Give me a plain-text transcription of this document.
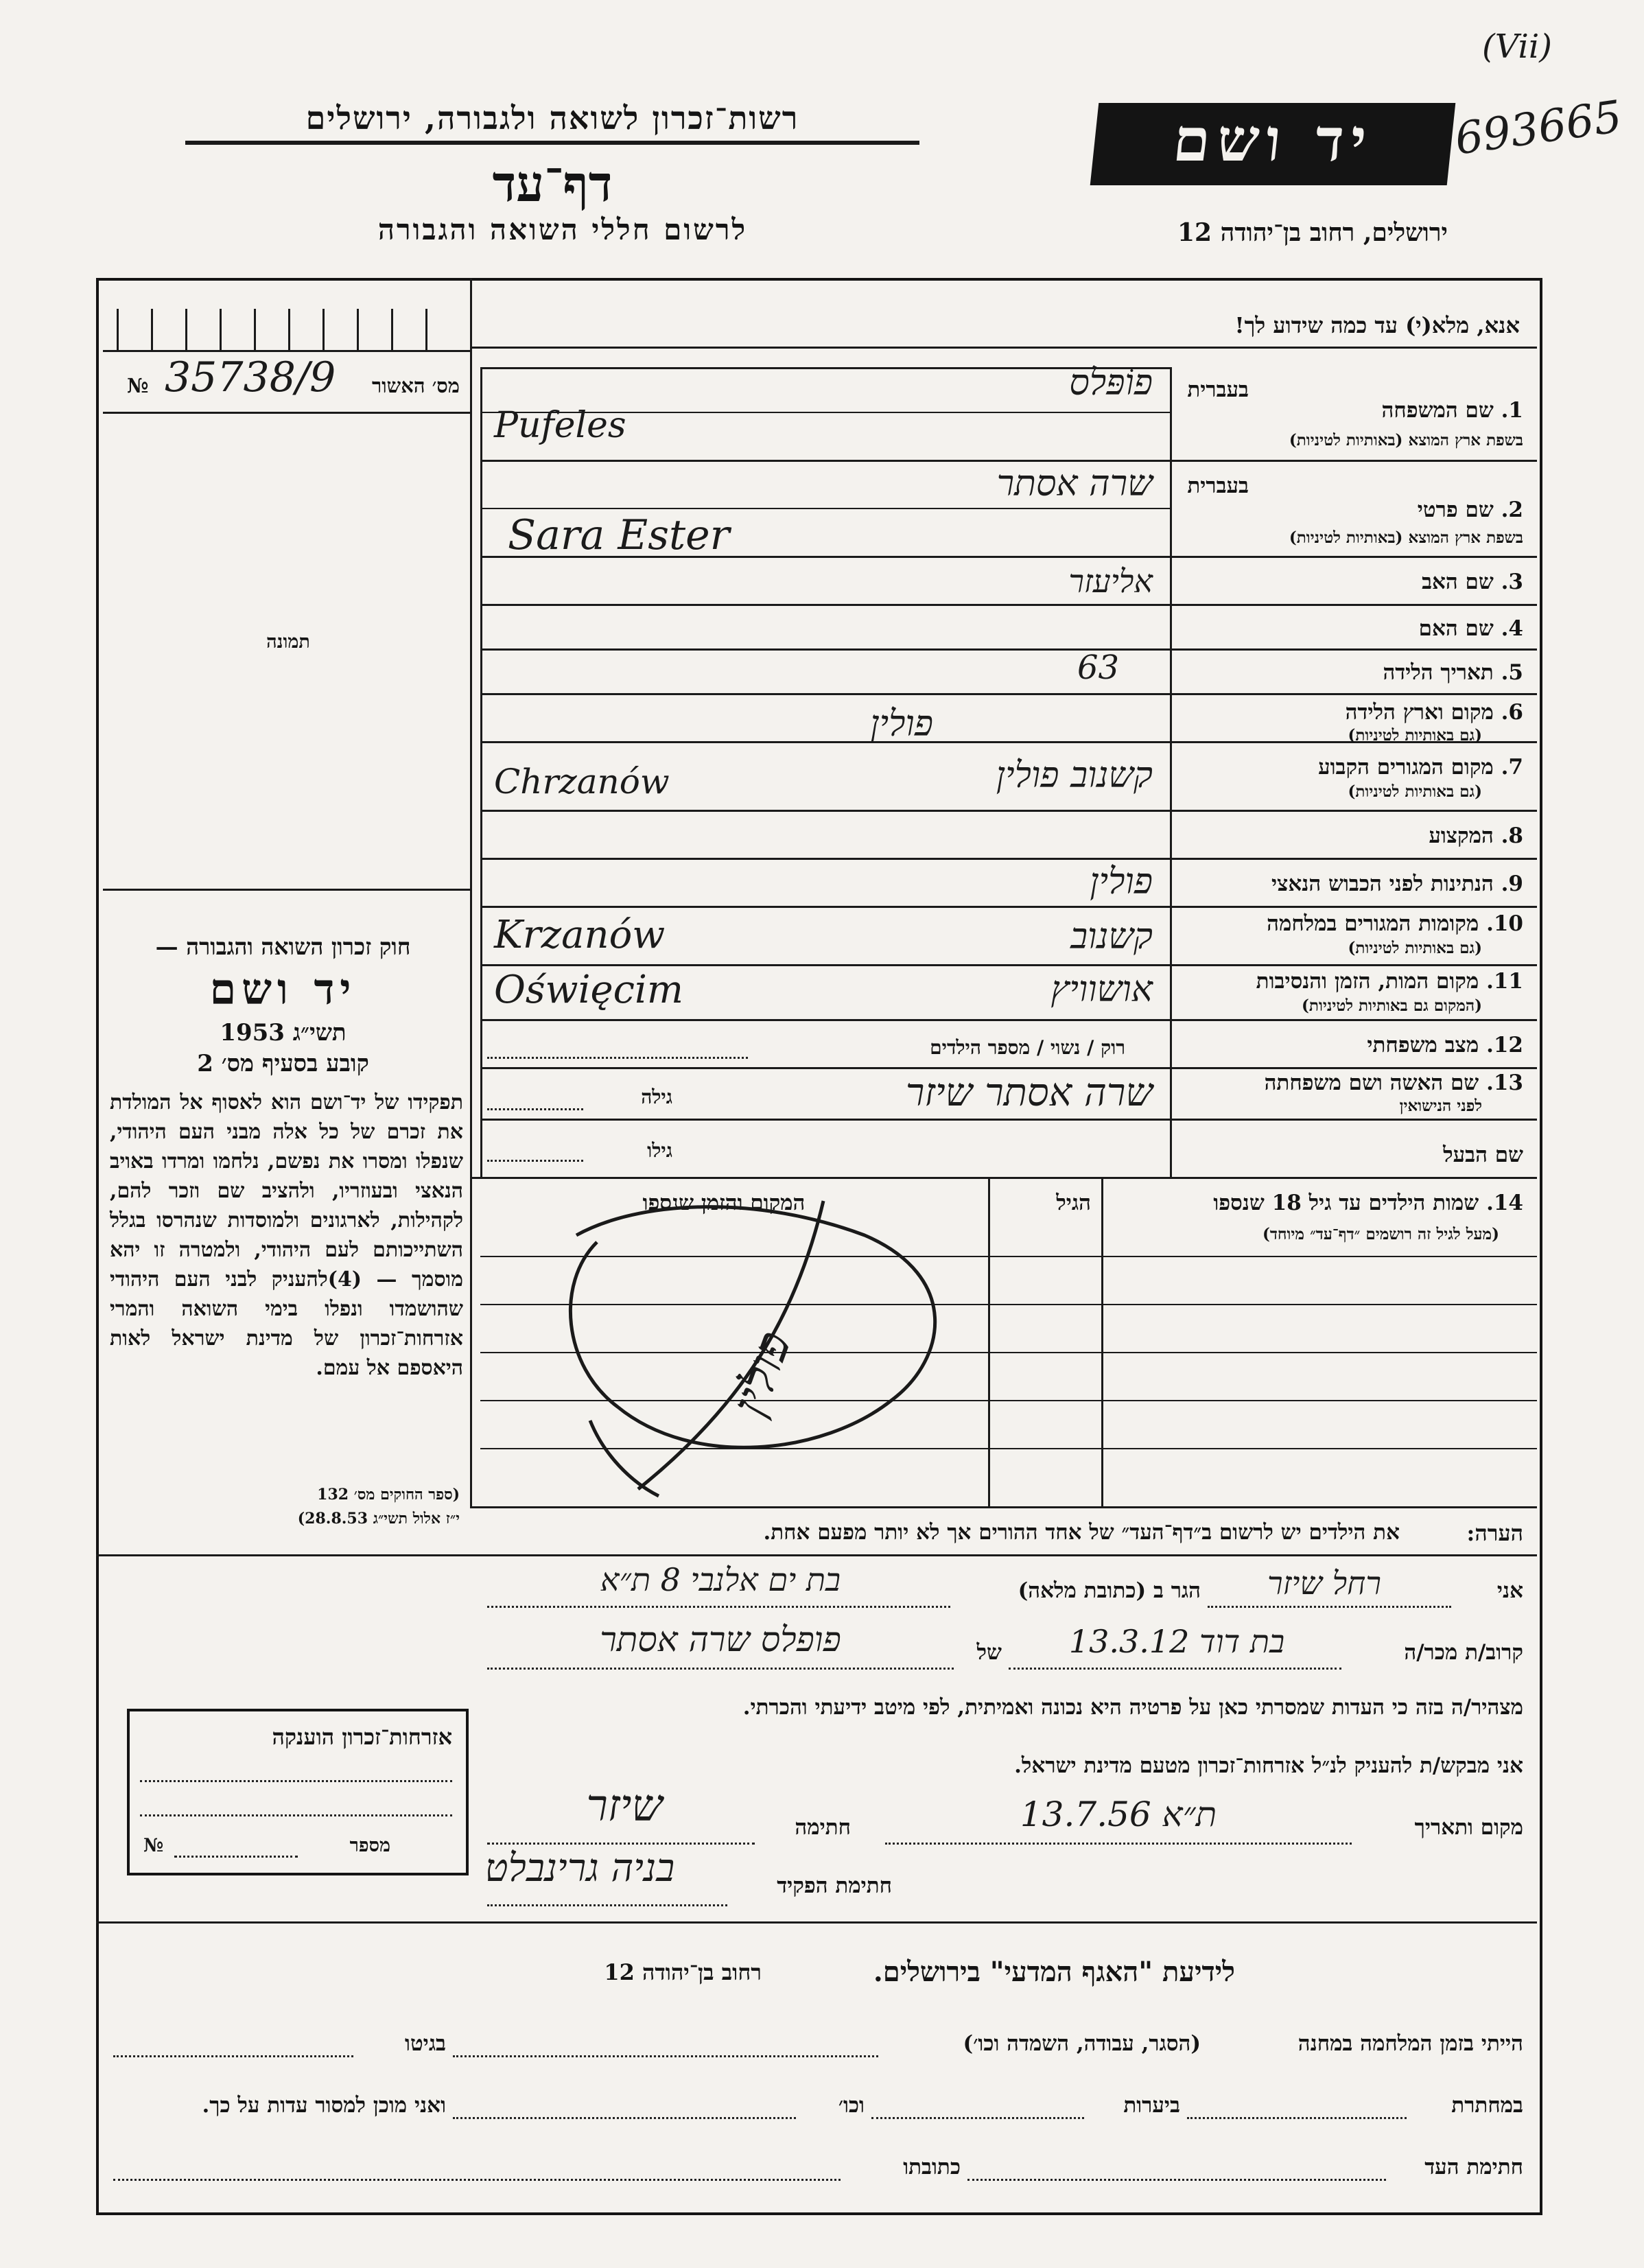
רשות־זכרון לשואה ולגבורה, ירושלים
דף־עד
לרשום חללי השואה והגבורה
יד ושם
(Vii)
693665
ירושלים, רחוב בן־יהודה 12
מס׳ האשור
№ 35738/9
תמונה
חוק זכרון השואה והגבורה —
יד ושם
תשי״ג 1953
קובע בסעיף מס׳ 2
תפקידו של יד־ושם הוא לאסוף אל המולדת את זכרם של כל אלה מבני העם היהודי, שנפלו ומסרו את נפשם, נלחמו ומרדו באויב הנאצי ובעוזריו, ולהציב שם וזכר להם, לקהילות, לארגונים ולמוסדות שנהרסו בגלל השתייכותם לעם היהודי, ולמטרה זו יהא מוסמך — (4)להעניק לבני העם היהודי שהושמדו ונפלו בימי השואה והמרי אזרחות־זכרון של מדינת ישראל לאות היאספם אל עמם.
(ספר החוקים מס׳ 132
י״ז אלול תשי״ג 28.8.53)
אזרחות־זכרון הוענקה
מספר
№
אנא, מלא(י) עד כמה שידוע לך!
בעברית
1. שם המשפחה
בשפת ארץ המוצא (באותיות לטיניות)
פוֹפּלס
Pufeles
בעברית
2. שם פרטי
בשפת ארץ המוצא (באותיות לטיניות)
שרה אסתר
Sara Ester
3. שם האב
אליעזר
4. שם האם
5. תאריך הלידה
63
6. מקום וארץ הלידה
(גם באותיות לטיניות)
פולין
7. מקום המגורים הקבוע
(גם באותיות לטיניות)
קשנוב פולין
Chrzanów
8. המקצוע
9. הנתינות לפני הכבוש הנאצי
פולין
10. מקומות המגורים במלחמה
(גם באותיות לטיניות)
קשנוב
Krzanów
11. מקום המות, הזמן והנסיבות
(המקום גם באותיות לטיניות)
אושוויץ
Oświęcim
12. מצב משפחתי
רוק / נשוי / מספר הילדים
13. שם האשה ושם משפחתה
לפני הנישואין
שרה אסתר שיזר
גילה
שם הבעל
גילו
14. שמות הילדים עד גיל 18 שנספו
(מעל לגיל זה רושמים ״דף־עד״ מיוחד)
הגיל
המקום והזמן שנספו
פולין
הערה:
את הילדים יש לרשום ב״דף־העד״ של אחד ההורים אך לא יותר מפעם אחת.
אני
רחל שיזר
הגר ב (כתובת מלאה)
בת ים אלנבי 8 ת״א
קרוב/ת מכר/ה
בת דוד 13.3.12
של
פופלס שרה אסתר
מצהיר/ה בזה כי העדות שמסרתי כאן על פרטיה היא נכונה ואמיתית, לפי מיטב ידיעתי והכרתי.
אני מבקש/ת להעניק לנ״ל אזרחות־זכרון מטעם מדינת ישראל.
מקום ותאריך
ת״א 13.7.56
חתימה
שיזר
חתימת הפקיד
בניה גרינבלט
לידיעת "האגף המדעי" בירושלים.
רחוב בן־יהודה 12
הייתי בזמן המלחמה במחנה
(הסגר, עבודה, השמדה וכו׳)
בגיטו
במחתרת
ביערות
וכו׳
ואני מוכן למסור עדות על כך.
חתימת העד
כתובתו
